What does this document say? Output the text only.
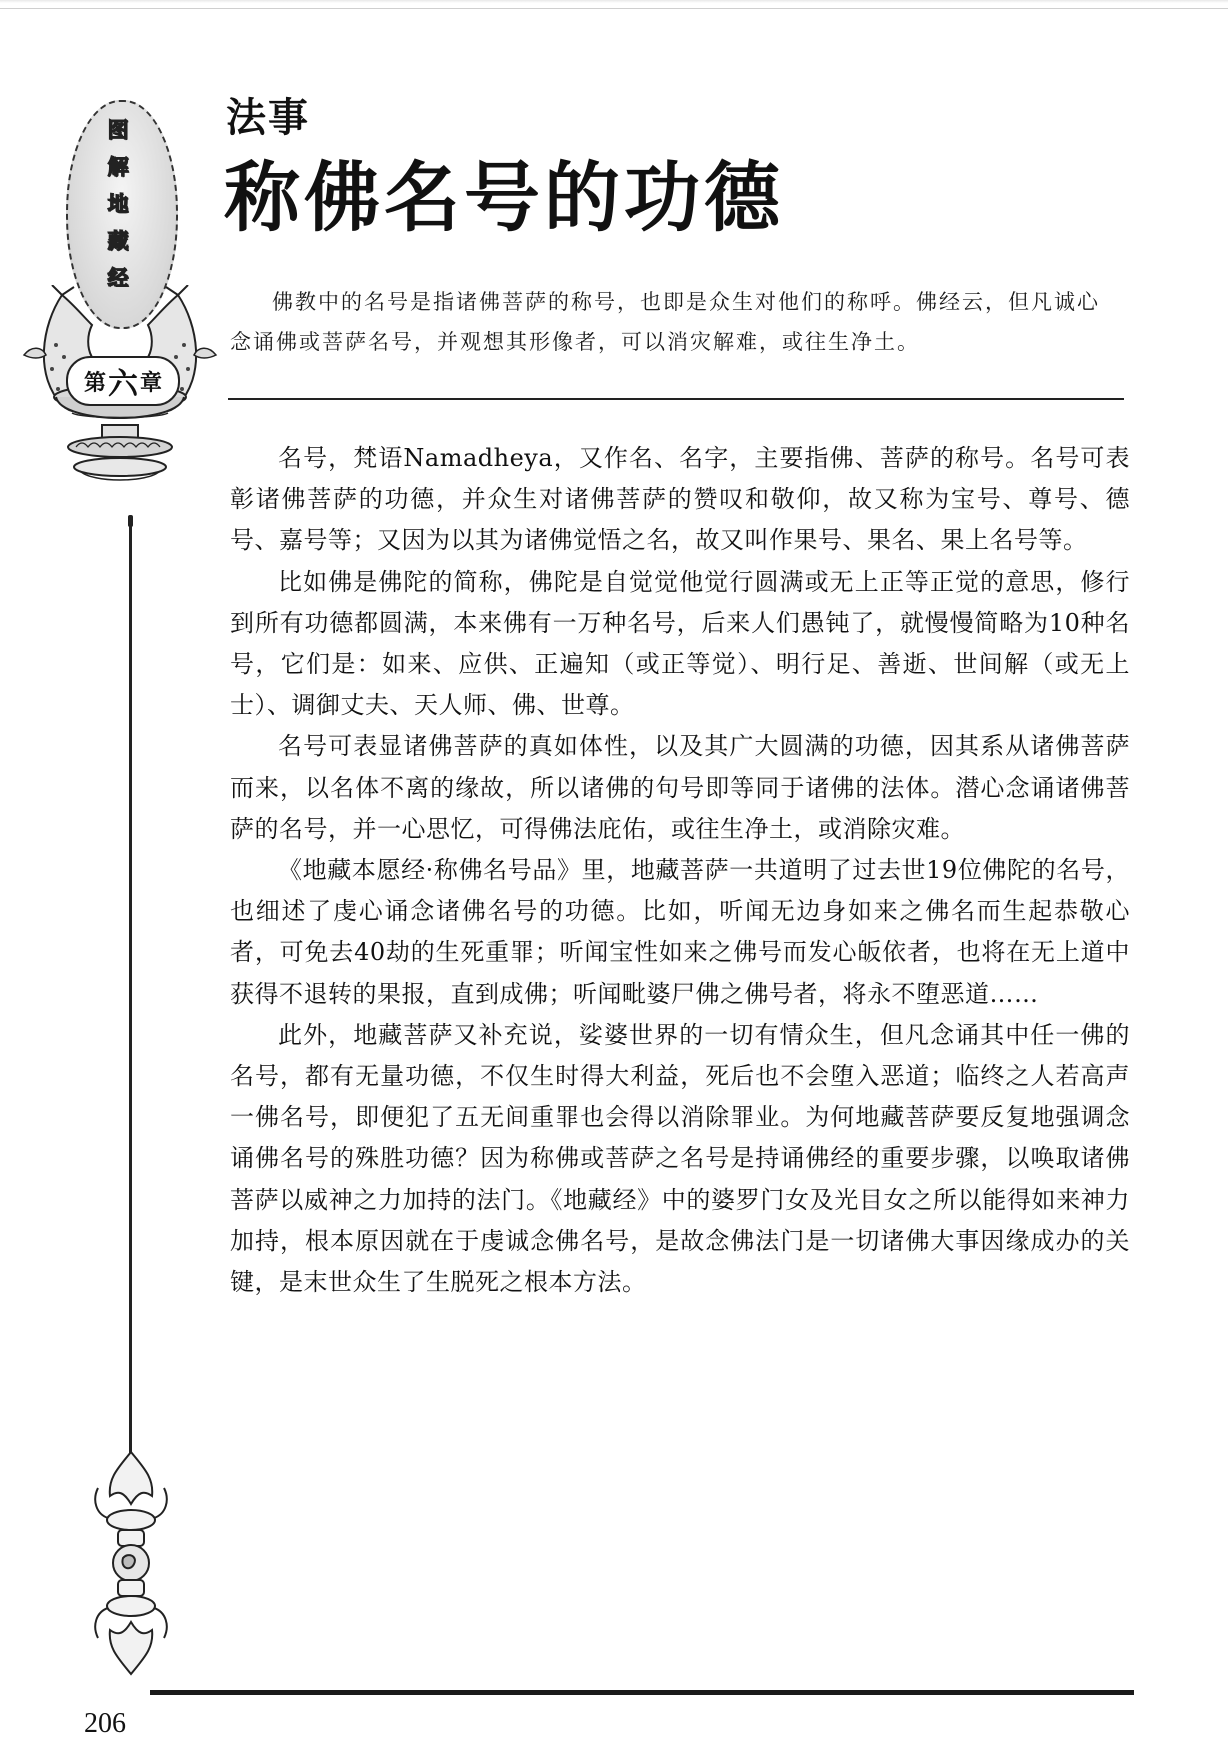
图
解
地
藏
经
第 六 章
法事
称佛名号的功德

佛教中的名号是指诸佛菩萨的称号，也即是众生对他们的称呼。佛经云，但凡诚心念诵佛或菩萨名号，并观想其形像者，可以消灾解难，或往生净土。

名号，梵语Namadheya，又作名、名字，主要指佛、菩萨的称号。名号可表彰诸佛菩萨的功德，并众生对诸佛菩萨的赞叹和敬仰，故又称为宝号、尊号、德号、嘉号等；又因为以其为诸佛觉悟之名，故又叫作果号、果名、果上名号等。

比如佛是佛陀的简称，佛陀是自觉觉他觉行圆满或无上正等正觉的意思，修行到所有功德都圆满，本来佛有一万种名号，后来人们愚钝了，就慢慢简略为10种名号，它们是：如来、应供、正遍知（或正等觉）、明行足、善逝、世间解（或无上士）、调御丈夫、天人师、佛、世尊。

名号可表显诸佛菩萨的真如体性，以及其广大圆满的功德，因其系从诸佛菩萨而来，以名体不离的缘故，所以诸佛的句号即等同于诸佛的法体。潜心念诵诸佛菩萨的名号，并一心思忆，可得佛法庇佑，或往生净土，或消除灾难。

《地藏本愿经·称佛名号品》里，地藏菩萨一共道明了过去世19位佛陀的名号，也细述了虔心诵念诸佛名号的功德。比如，听闻无边身如来之佛名而生起恭敬心者，可免去40劫的生死重罪；听闻宝性如来之佛号而发心皈依者，也将在无上道中获得不退转的果报，直到成佛；听闻毗婆尸佛之佛号者，将永不堕恶道……

此外，地藏菩萨又补充说，娑婆世界的一切有情众生，但凡念诵其中任一佛的名号，都有无量功德，不仅生时得大利益，死后也不会堕入恶道；临终之人若高声一佛名号，即便犯了五无间重罪也会得以消除罪业。为何地藏菩萨要反复地强调念诵佛名号的殊胜功德？因为称佛或菩萨之名号是持诵佛经的重要步骤，以唤取诸佛菩萨以威神之力加持的法门。《地藏经》中的婆罗门女及光目女之所以能得如来神力加持，根本原因就在于虔诚念佛名号，是故念佛法门是一切诸佛大事因缘成办的关键，是末世众生了生脱死之根本方法。

206
